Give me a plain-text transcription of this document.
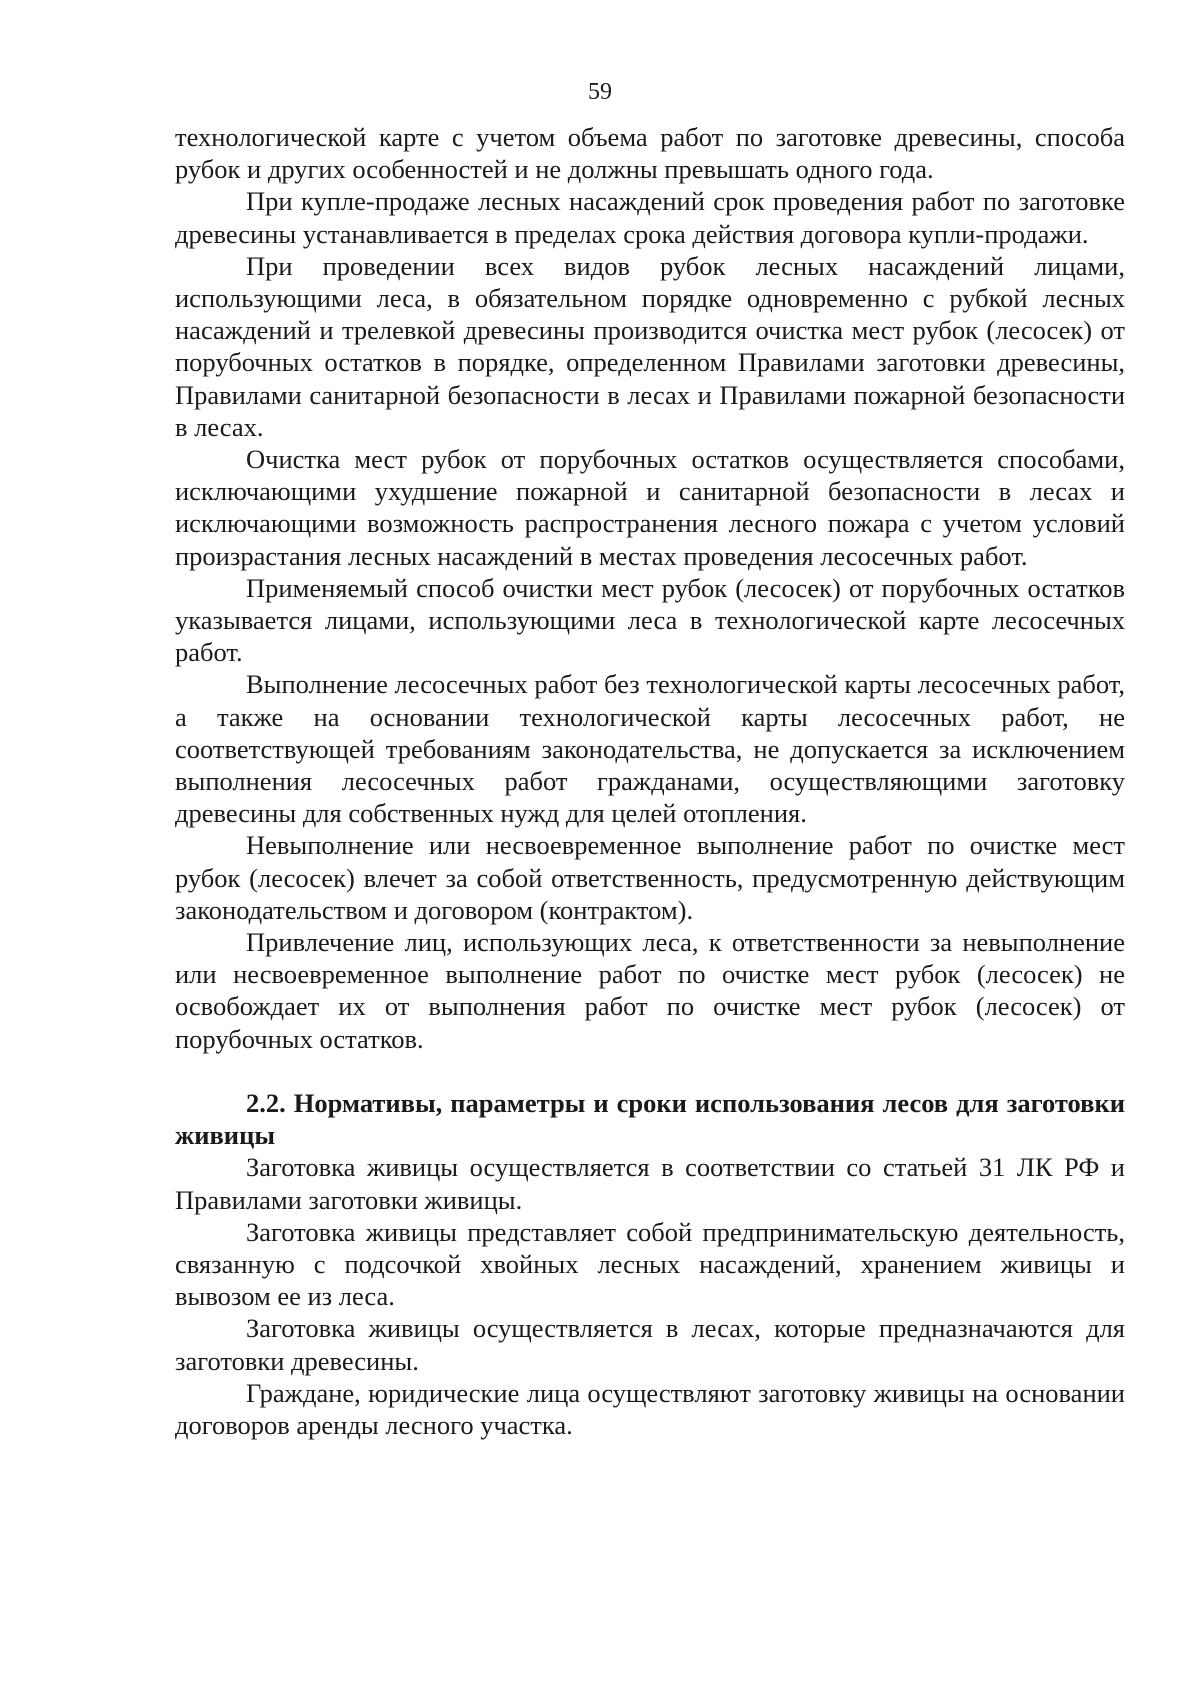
59

технологической карте с учетом объема работ по заготовке древесины, способа рубок и других особенностей и не должны превышать одного года.

При купле-продаже лесных насаждений срок проведения работ по заготовке древесины устанавливается в пределах срока действия договора купли-продажи.

При проведении всех видов рубок лесных насаждений лицами, использующими леса, в обязательном порядке одновременно с рубкой лесных насаждений и трелевкой древесины производится очистка мест рубок (лесосек) от порубочных остатков в порядке, определенном Правилами заготовки древесины, Правилами санитарной безопасности в лесах и Правилами пожарной безопасности в лесах.

Очистка мест рубок от порубочных остатков осуществляется способами, исключающими ухудшение пожарной и санитарной безопасности в лесах и исключающими возможность распространения лесного пожара с учетом условий произрастания лесных насаждений в местах проведения лесосечных работ.

Применяемый способ очистки мест рубок (лесосек) от порубочных остатков указывается лицами, использующими леса в технологической карте лесосечных работ.

Выполнение лесосечных работ без технологической карты лесосечных работ, а также на основании технологической карты лесосечных работ, не соответствующей требованиям законодательства, не допускается за исключением выполнения лесосечных работ гражданами, осуществляющими заготовку древесины для собственных нужд для целей отопления.

Невыполнение или несвоевременное выполнение работ по очистке мест рубок (лесосек) влечет за собой ответственность, предусмотренную действующим законодательством и договором (контрактом).

Привлечение лиц, использующих леса, к ответственности за невыполнение или несвоевременное выполнение работ по очистке мест рубок (лесосек) не освобождает их от выполнения работ по очистке мест рубок (лесосек) от порубочных остатков.

2.2. Нормативы, параметры и сроки использования лесов для заготовки живицы

Заготовка живицы осуществляется в соответствии со статьей 31 ЛК РФ и Правилами заготовки живицы.

Заготовка живицы представляет собой предпринимательскую деятельность, связанную с подсочкой хвойных лесных насаждений, хранением живицы и вывозом ее из леса.

Заготовка живицы осуществляется в лесах, которые предназначаются для заготовки древесины.

Граждане, юридические лица осуществляют заготовку живицы на основании договоров аренды лесного участка.
